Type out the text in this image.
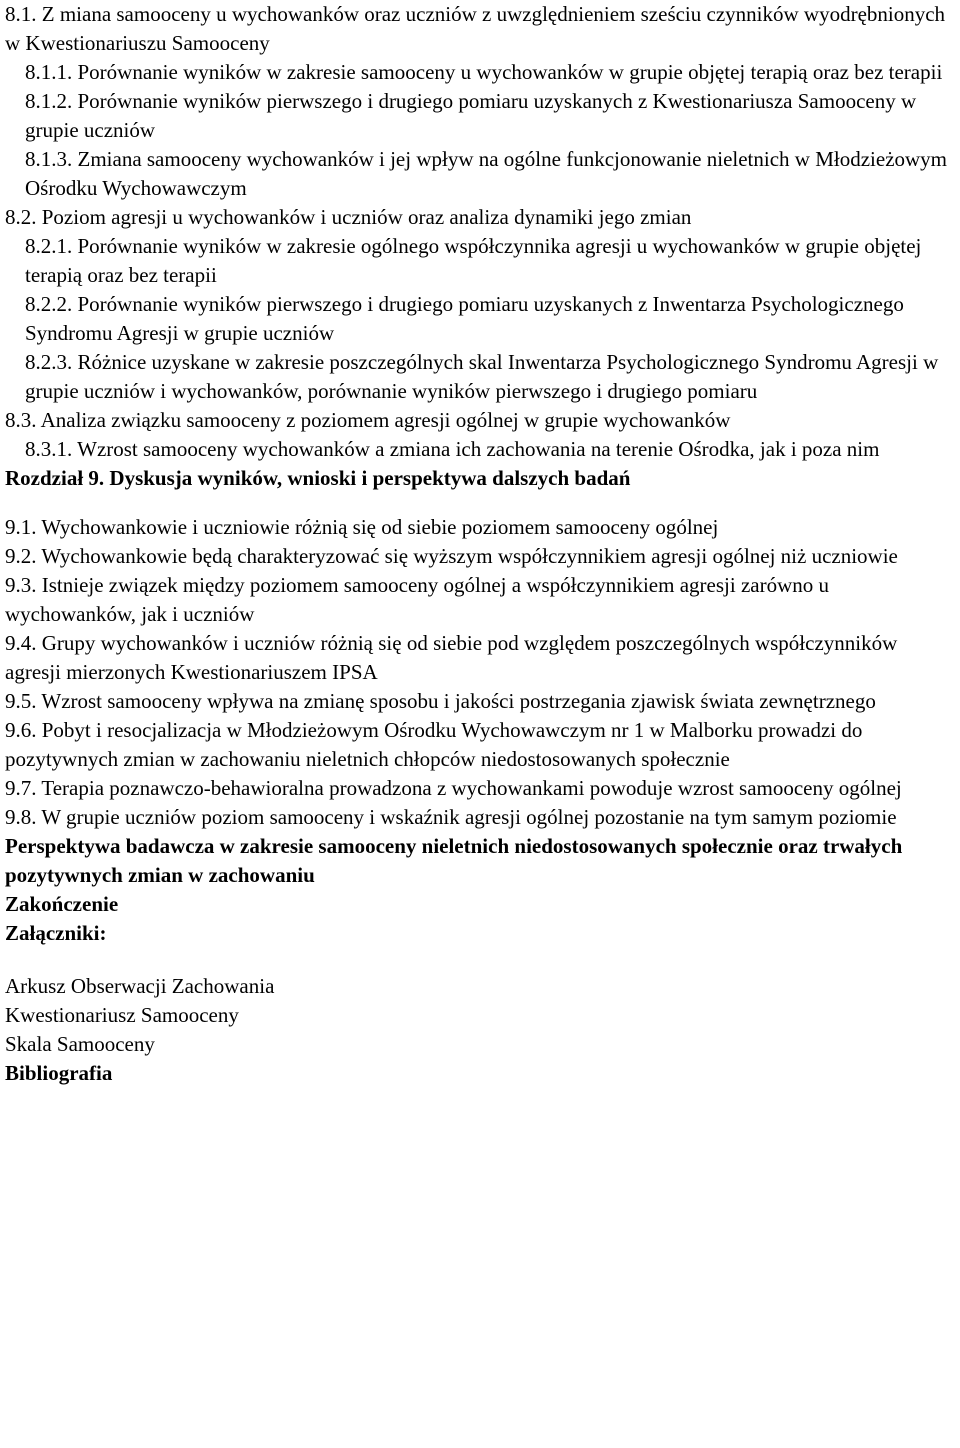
8.1. Z miana samooceny u wychowanków oraz uczniów z uwzględnieniem sześciu czynników wyodrębnionych w Kwestionariuszu Samooceny

8.1.1. Porównanie wyników w zakresie samooceny u wychowanków w grupie objętej terapią oraz bez terapii

8.1.2. Porównanie wyników pierwszego i drugiego pomiaru uzyskanych z Kwestionariusza Samooceny w grupie uczniów

8.1.3. Zmiana samooceny wychowanków i jej wpływ na ogólne funkcjonowanie nieletnich w Młodzieżowym Ośrodku Wychowawczym

8.2. Poziom agresji u wychowanków i uczniów oraz analiza dynamiki jego zmian

8.2.1. Porównanie wyników w zakresie ogólnego współczynnika agresji u wychowanków w grupie objętej terapią oraz bez terapii

8.2.2. Porównanie wyników pierwszego i drugiego pomiaru uzyskanych z Inwentarza Psychologicznego Syndromu Agresji w grupie uczniów

8.2.3. Różnice uzyskane w zakresie poszczególnych skal Inwentarza Psychologicznego Syndromu Agresji w grupie uczniów i wychowanków, porównanie wyników pierwszego i drugiego pomiaru

8.3. Analiza związku samooceny z poziomem agresji ogólnej w grupie wychowanków

8.3.1. Wzrost samooceny wychowanków a zmiana ich zachowania na terenie Ośrodka, jak i poza nim

Rozdział 9. Dyskusja wyników, wnioski i perspektywa dalszych badań

9.1. Wychowankowie i uczniowie różnią się od siebie poziomem samooceny ogólnej

9.2. Wychowankowie będą charakteryzować się wyższym współczynnikiem agresji ogólnej niż uczniowie

9.3. Istnieje związek między poziomem samooceny ogólnej a współczynnikiem agresji zarówno u wychowanków, jak i uczniów

9.4. Grupy wychowanków i uczniów różnią się od siebie pod względem poszczególnych współczynników agresji mierzonych Kwestionariuszem IPSA

9.5. Wzrost samooceny wpływa na zmianę sposobu i jakości postrzegania zjawisk świata zewnętrznego

9.6. Pobyt i resocjalizacja w Młodzieżowym Ośrodku Wychowawczym nr 1 w Malborku prowadzi do pozytywnych zmian w zachowaniu nieletnich chłopców niedostosowanych społecznie

9.7. Terapia poznawczo-behawioralna prowadzona z wychowankami powoduje wzrost samooceny ogólnej

9.8. W grupie uczniów poziom samooceny i wskaźnik agresji ogólnej pozostanie na tym samym poziomie

Perspektywa badawcza w zakresie samooceny nieletnich niedostosowanych społecznie oraz trwałych pozytywnych zmian w zachowaniu

Zakończenie

Załączniki:

Arkusz Obserwacji Zachowania

Kwestionariusz Samooceny

Skala Samooceny

Bibliografia
